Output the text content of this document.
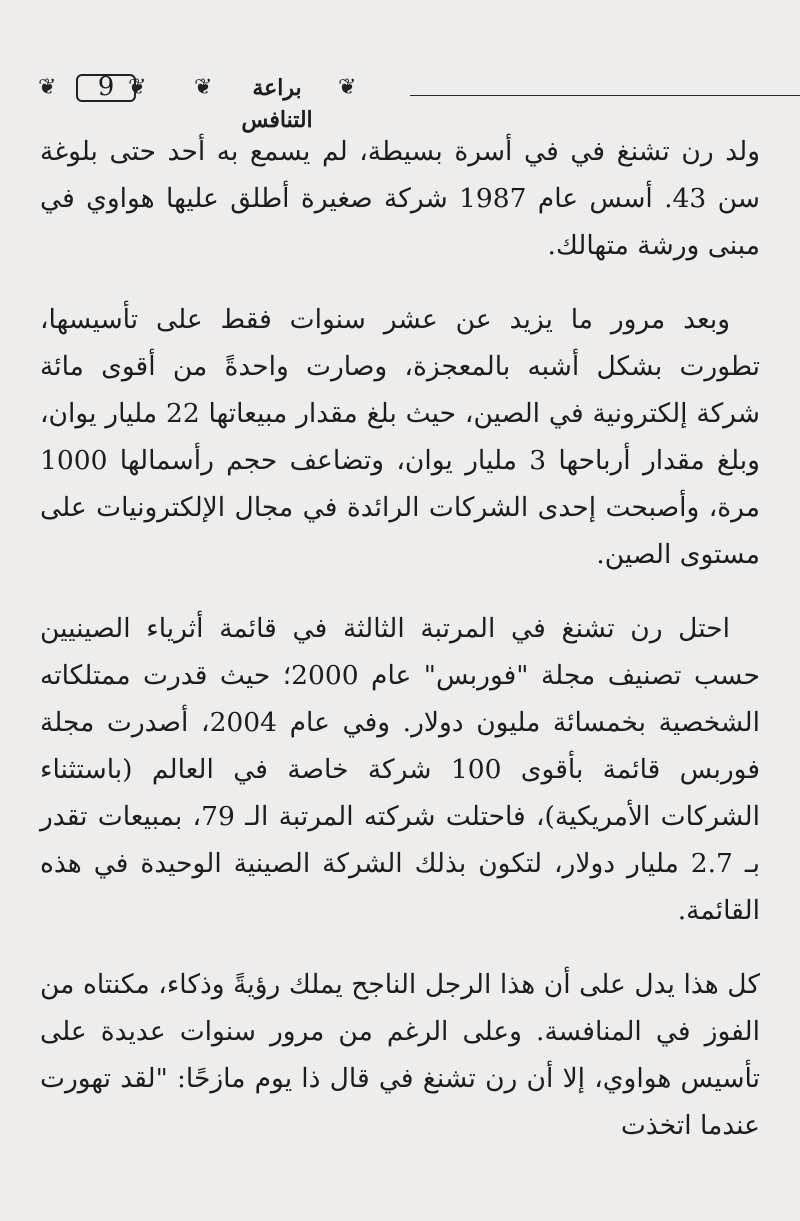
❦	9 ❦ ❦	براعة التنافس
❦

ولد رن تشنغ في في أسرة بسيطة، لم يسمع به أحد حتى بلوغة سن 43. أسس عام 1987 شركة صغيرة أطلق عليها هواوي في مبنى ورشة متهالك.

وبعد مرور ما يزيد عن عشر سنوات فقط على تأسيسها، تطورت بشكل أشبه بالمعجزة، وصارت واحدةً من أقوى مائة شركة إلكترونية في الصين، حيث بلغ مقدار مبيعاتها 22 مليار يوان، وبلغ مقدار أرباحها 3 مليار يوان، وتضاعف حجم رأسمالها 1000 مرة، وأصبحت إحدى الشركات الرائدة في مجال الإلكترونيات على مستوى الصين.

احتل رن تشنغ في المرتبة الثالثة في قائمة أثرياء الصينيين حسب تصنيف مجلة "فوربس" عام 2000؛ حيث قدرت ممتلكاته الشخصية بخمسائة مليون دولار. وفي عام 2004، أصدرت مجلة فوربس قائمة بأقوى 100 شركة خاصة في العالم (باستثناء الشركات الأمريكية)، فاحتلت شركته المرتبة الـ 79، بمبيعات تقدر بـ 2.7 مليار دولار، لتكون بذلك الشركة الصينية الوحيدة في هذه القائمة.

كل هذا يدل على أن هذا الرجل الناجح يملك رؤيةً وذكاء، مكنتاه من الفوز في المنافسة. وعلى الرغم من مرور سنوات عديدة على تأسيس هواوي، إلا أن رن تشنغ في قال ذا يوم مازحًا: "لقد تهورت عندما اتخذت
